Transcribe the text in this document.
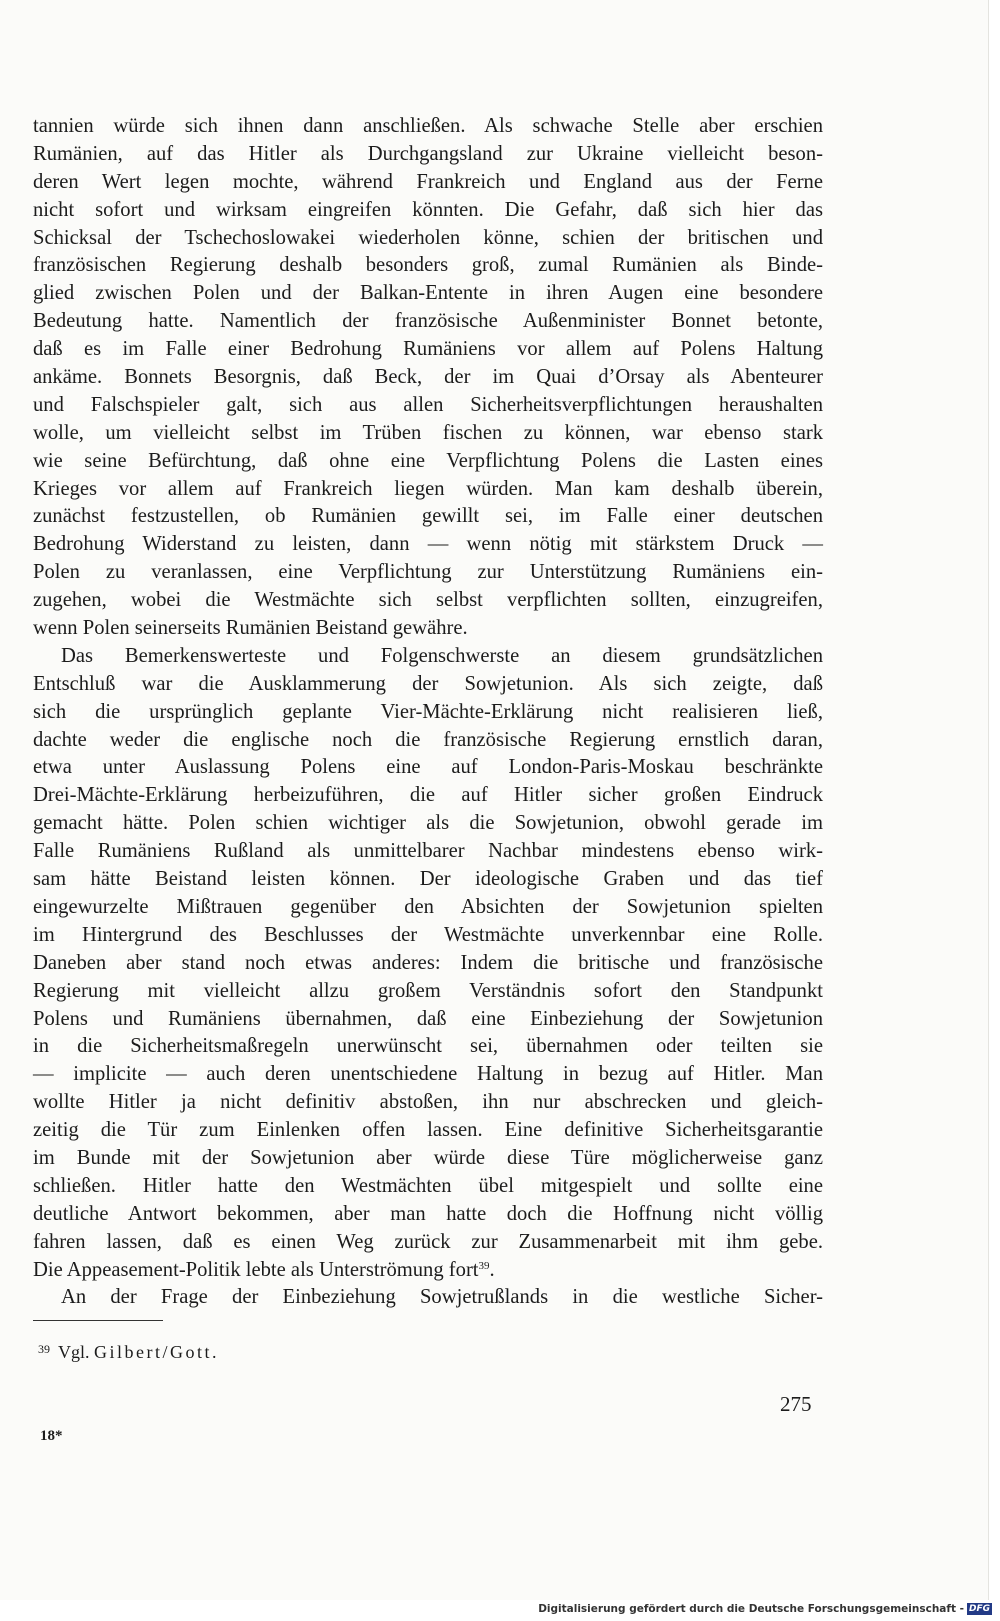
tannien würde sich ihnen dann anschließen. Als schwache Stelle aber erschien
Rumänien, auf das Hitler als Durchgangsland zur Ukraine vielleicht beson-
deren Wert legen mochte, während Frankreich und England aus der Ferne
nicht sofort und wirksam eingreifen könnten. Die Gefahr, daß sich hier das
Schicksal der Tschechoslowakei wiederholen könne, schien der britischen und
französischen Regierung deshalb besonders groß, zumal Rumänien als Binde-
glied zwischen Polen und der Balkan-Entente in ihren Augen eine besondere
Bedeutung hatte. Namentlich der französische Außenminister Bonnet betonte,
daß es im Falle einer Bedrohung Rumäniens vor allem auf Polens Haltung
ankäme. Bonnets Besorgnis, daß Beck, der im Quai d’Orsay als Abenteurer
und Falschspieler galt, sich aus allen Sicherheitsverpflichtungen heraushalten
wolle, um vielleicht selbst im Trüben fischen zu können, war ebenso stark
wie seine Befürchtung, daß ohne eine Verpflichtung Polens die Lasten eines
Krieges vor allem auf Frankreich liegen würden. Man kam deshalb überein,
zunächst festzustellen, ob Rumänien gewillt sei, im Falle einer deutschen
Bedrohung Widerstand zu leisten, dann — wenn nötig mit stärkstem Druck —
Polen zu veranlassen, eine Verpflichtung zur Unterstützung Rumäniens ein-
zugehen, wobei die Westmächte sich selbst verpflichten sollten, einzugreifen,
wenn Polen seinerseits Rumänien Beistand gewähre.
Das Bemerkenswerteste und Folgenschwerste an diesem grundsätzlichen
Entschluß war die Ausklammerung der Sowjetunion. Als sich zeigte, daß
sich die ursprünglich geplante Vier-Mächte-Erklärung nicht realisieren ließ,
dachte weder die englische noch die französische Regierung ernstlich daran,
etwa unter Auslassung Polens eine auf London-Paris-Moskau beschränkte
Drei-Mächte-Erklärung herbeizuführen, die auf Hitler sicher großen Eindruck
gemacht hätte. Polen schien wichtiger als die Sowjetunion, obwohl gerade im
Falle Rumäniens Rußland als unmittelbarer Nachbar mindestens ebenso wirk-
sam hätte Beistand leisten können. Der ideologische Graben und das tief
eingewurzelte Mißtrauen gegenüber den Absichten der Sowjetunion spielten
im Hintergrund des Beschlusses der Westmächte unverkennbar eine Rolle.
Daneben aber stand noch etwas anderes: Indem die britische und französische
Regierung mit vielleicht allzu großem Verständnis sofort den Standpunkt
Polens und Rumäniens übernahmen, daß eine Einbeziehung der Sowjetunion
in die Sicherheitsmaßregeln unerwünscht sei, übernahmen oder teilten sie
— implicite — auch deren unentschiedene Haltung in bezug auf Hitler. Man
wollte Hitler ja nicht definitiv abstoßen, ihn nur abschrecken und gleich-
zeitig die Tür zum Einlenken offen lassen. Eine definitive Sicherheitsgarantie
im Bunde mit der Sowjetunion aber würde diese Türe möglicherweise ganz
schließen. Hitler hatte den Westmächten übel mitgespielt und sollte eine
deutliche Antwort bekommen, aber man hatte doch die Hoffnung nicht völlig
fahren lassen, daß es einen Weg zurück zur Zusammenarbeit mit ihm gebe.
Die Appeasement-Politik lebte als Unterströmung fort$^{39}$.
An der Frage der Einbeziehung Sowjetrußlands in die westliche Sicher-
$^{39}$ Vgl. Gilbert/Gott.
275
18*
Digitalisierung gefördert durch die Deutsche Forschungsgemeinschaft - DFG
